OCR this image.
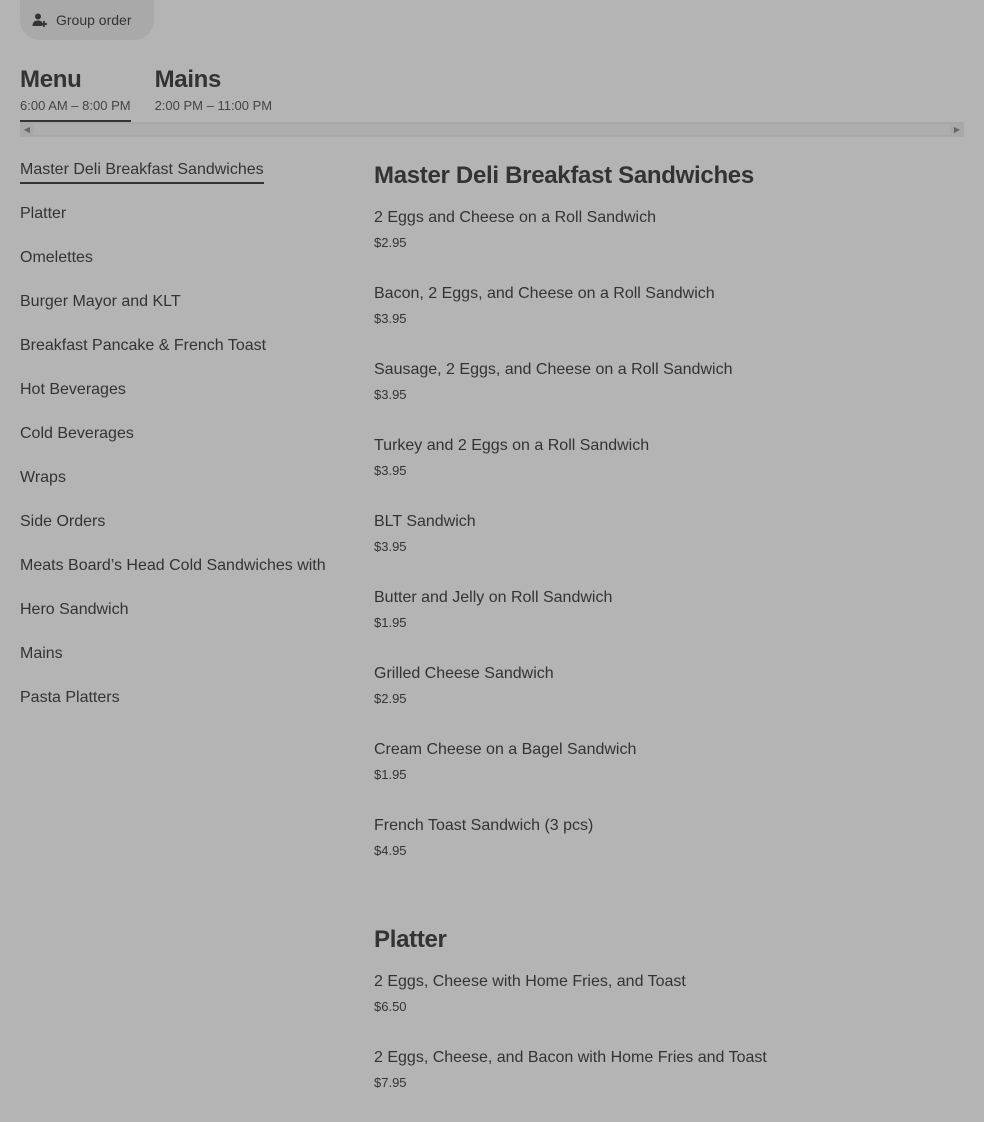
Group order
Menu
6:00 AM – 8:00 PM
Mains
2:00 PM – 11:00 PM
◀	▶
Master Deli Breakfast Sandwiches
Platter
Omelettes
Burger Mayor and KLT
Breakfast Pancake & French Toast
Hot Beverages
Cold Beverages
Wraps
Side Orders
Meats Board’s Head Cold Sandwiches with
Hero Sandwich
Mains
Pasta Platters
Master Deli Breakfast Sandwiches
2 Eggs and Cheese on a Roll Sandwich
$2.95
Bacon, 2 Eggs, and Cheese on a Roll Sandwich
$3.95
Sausage, 2 Eggs, and Cheese on a Roll Sandwich
$3.95
Turkey and 2 Eggs on a Roll Sandwich
$3.95
BLT Sandwich
$3.95
Butter and Jelly on Roll Sandwich
$1.95
Grilled Cheese Sandwich
$2.95
Cream Cheese on a Bagel Sandwich
$1.95
French Toast Sandwich (3 pcs)
$4.95
Platter
2 Eggs, Cheese with Home Fries, and Toast
$6.50
2 Eggs, Cheese, and Bacon with Home Fries and Toast
$7.95
